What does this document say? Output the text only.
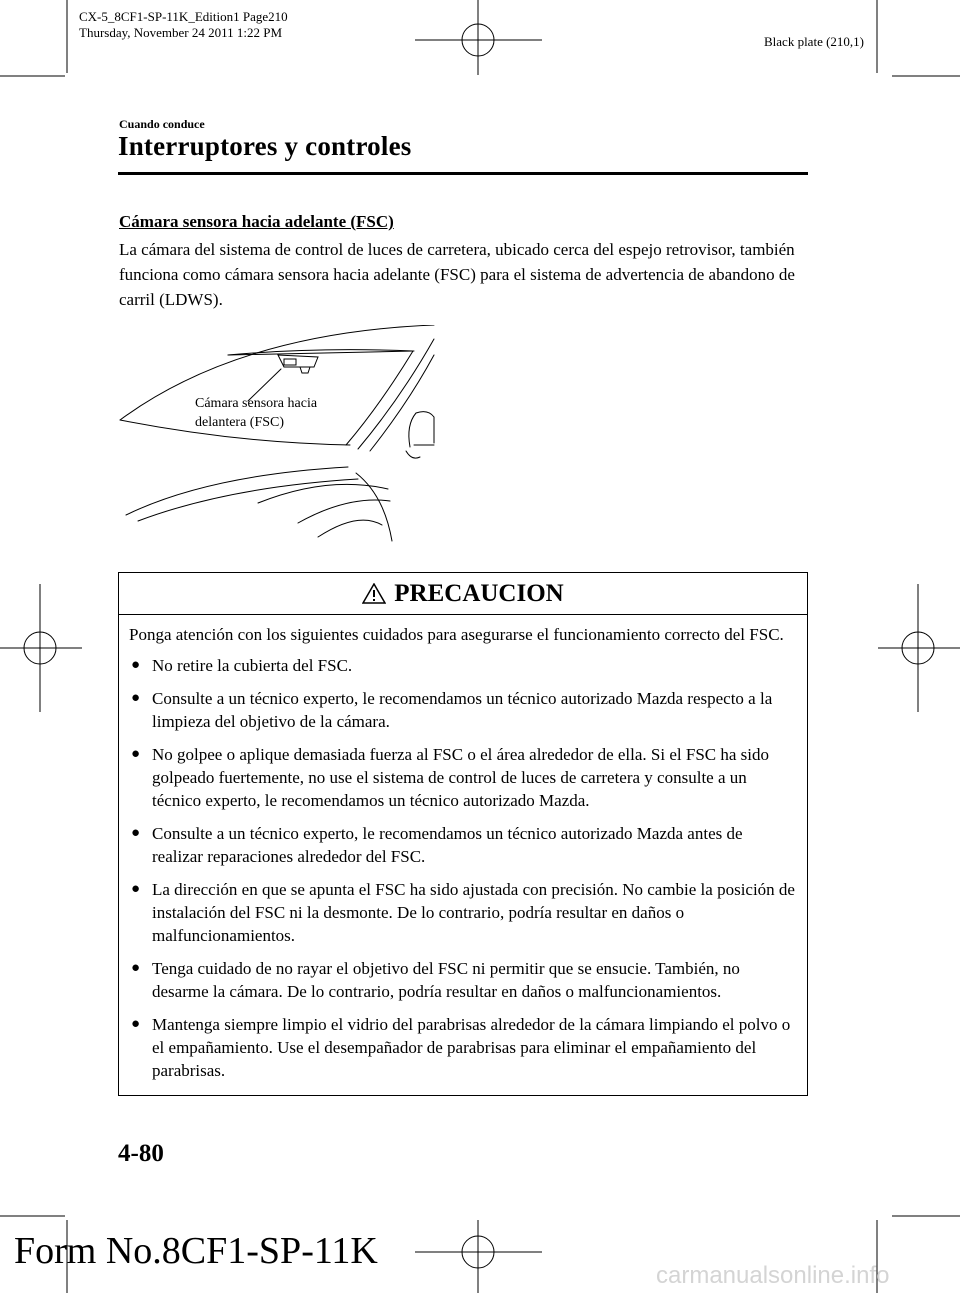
CX-5_8CF1-SP-11K_Edition1 Page210
Thursday, November 24 2011 1:22 PM
Black plate (210,1)
Cuando conduce
Interruptores y controles
Cámara sensora hacia adelante (FSC)
La cámara del sistema de control de luces de carretera, ubicado cerca del espejo retrovisor, también funciona como cámara sensora hacia adelante (FSC) para el sistema de advertencia de abandono de carril (LDWS).
Cámara sensora hacia
delantera (FSC)
PRECAUCION

Ponga atención con los siguientes cuidados para asegurarse el funcionamiento correcto del FSC.

● No retire la cubierta del FSC.
● Consulte a un técnico experto, le recomendamos un técnico autorizado Mazda respecto a la limpieza del objetivo de la cámara.
● No golpee o aplique demasiada fuerza al FSC o el área alrededor de ella. Si el FSC ha sido golpeado fuertemente, no use el sistema de control de luces de carretera y consulte a un técnico experto, le recomendamos un técnico autorizado Mazda.
● Consulte a un técnico experto, le recomendamos un técnico autorizado Mazda antes de realizar reparaciones alrededor del FSC.
● La dirección en que se apunta el FSC ha sido ajustada con precisión. No cambie la posición de instalación del FSC ni la desmonte. De lo contrario, podría resultar en daños o malfuncionamientos.
● Tenga cuidado de no rayar el objetivo del FSC ni permitir que se ensucie. También, no desarme la cámara. De lo contrario, podría resultar en daños o malfuncionamientos.
● Mantenga siempre limpio el vidrio del parabrisas alrededor de la cámara limpiando el polvo o el empañamiento. Use el desempañador de parabrisas para eliminar el empañamiento del parabrisas.
4-80
Form No.8CF1-SP-11K
carmanualsonline.info
